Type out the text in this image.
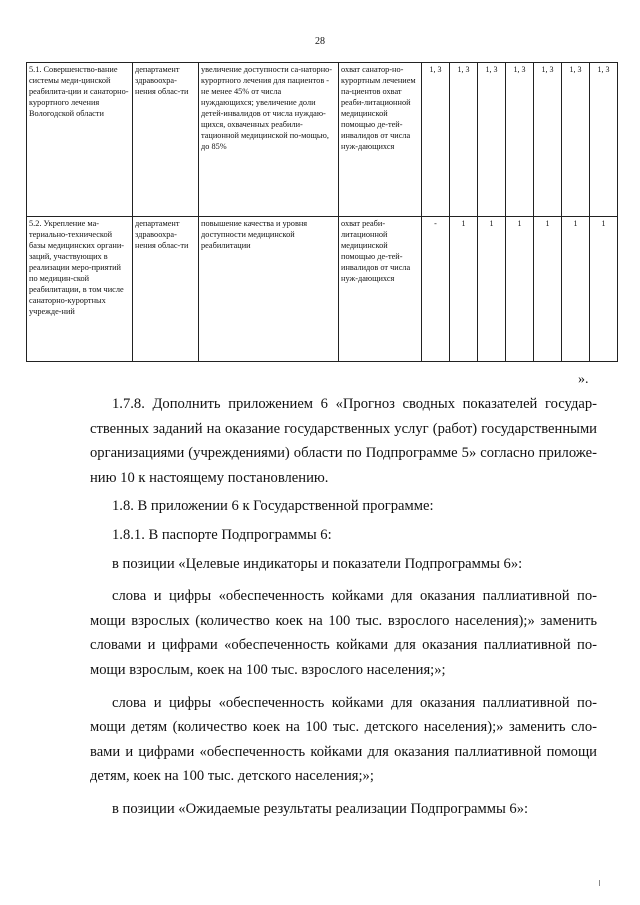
28
5.1. Совершенство-вание системы меди-цинской реабилита-ции и санаторно-курортного лечения Вологодской области	департамент здравоохра-нения облас-ти	увеличение доступности са-наторно-курортного лечения для пациентов - не менее 45% от числа нуждающихся; увеличение доли детей-инвалидов от числа нуждаю-щихся, охваченных реабили-тационной медицинской по-мощью, до 85%	охват санатор-но-курортным лечением па-циентов охват реаби-литационной медицинской помощью де-тей-инвалидов от числа нуж-дающихся	1, 3	1, 3	1, 3	1, 3	1, 3	1, 3	1, 3
5.2. Укрепление ма-териально-технической базы медицинских органи-заций, участвующих в реализации меро-приятий по медицин-ской реабилитации, в том числе санаторно-курортных учрежде-ний	департамент здравоохра-нения облас-ти	повышение качества и уровня доступности медицинской реабилитации	охват реаби-литационной медицинской помощью де-тей-инвалидов от числа нуж-дающихся	-	1	1	1	1	1	1
».

1.7.8. Дополнить приложением 6 «Прогноз сводных показателей государ-ственных заданий на оказание государственных услуг (работ) государственными организациями (учреждениями) области по Подпрограмме 5» согласно приложе-нию 10 к настоящему постановлению.

1.8. В приложении 6 к Государственной программе:

1.8.1. В паспорте Подпрограммы 6:

в позиции «Целевые индикаторы и показатели Подпрограммы 6»:

слова и цифры «обеспеченность койками для оказания паллиативной по-мощи взрослых (количество коек на 100 тыс. взрослого населения);» заменить словами и цифрами «обеспеченность койками для оказания паллиативной по-мощи взрослым, коек на 100 тыс. взрослого населения;»;

слова и цифры «обеспеченность койками для оказания паллиативной по-мощи детям (количество коек на 100 тыс. детского населения);» заменить сло-вами и цифрами «обеспеченность койками для оказания паллиативной помощи детям, коек на 100 тыс. детского населения;»;

в позиции «Ожидаемые результаты реализации Подпрограммы 6»:
